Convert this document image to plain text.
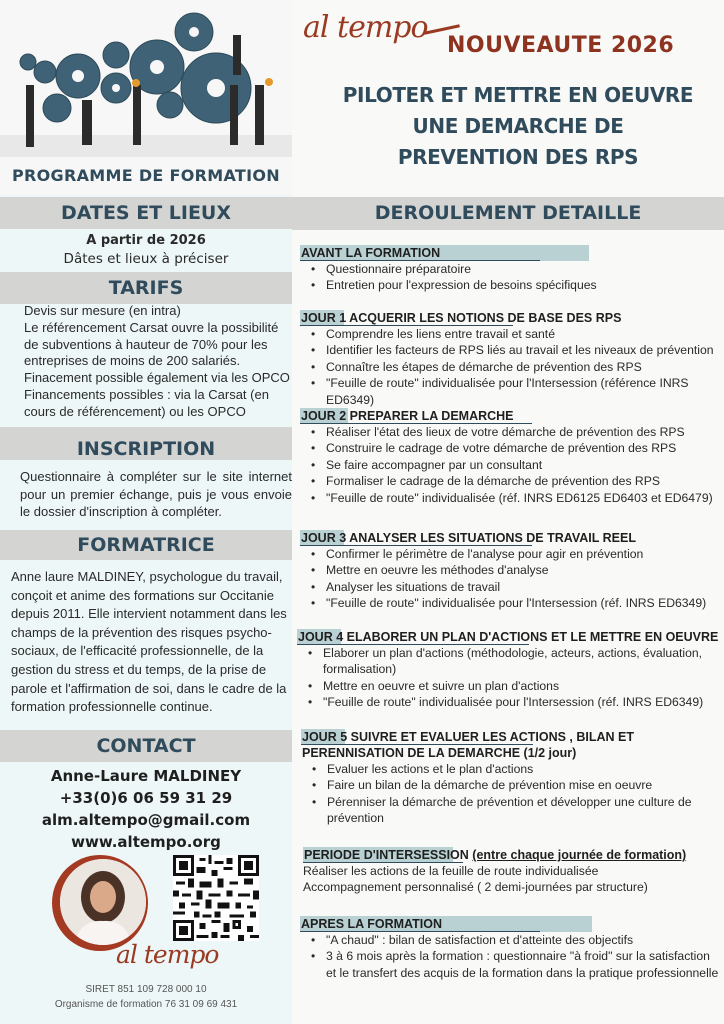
PROGRAMME DE FORMATION
al tempo
NOUVEAUTE 2026
PILOTER ET METTRE EN OEUVRE
UNE DEMARCHE DE
PREVENTION DES RPS
DATES ET LIEUX
A partir de 2026
Dâtes et lieux à préciser
TARIFS
Devis sur mesure (en intra)
Le référencement Carsat ouvre la possibilité
de subventions à hauteur de 70% pour les
entreprises de moins de 200 salariés.
Finacement possible également via les OPCO
Financements possibles : via la Carsat (en
cours de référencement) ou les OPCO
INSCRIPTION
Questionnaire à compléter sur le site internet pour un premier échange, puis je vous envoie le dossier d'inscription à compléter.
FORMATRICE
Anne laure MALDINEY, psychologue du travail, conçoit et anime des formations sur Occitanie depuis 2011. Elle intervient notamment dans les champs de la prévention des risques psycho-sociaux, de l'efficacité professionnelle, de la gestion du stress et du temps, de la prise de parole et l'affirmation de soi, dans le cadre de la formation professionnelle continue.
CONTACT
Anne-Laure MALDINEY
+33(0)6 06 59 31 29
alm.altempo@gmail.com
www.altempo.org
al tempo
SIRET 851 109 728 000 10
Organisme de formation 76 31 09 69 431
DEROULEMENT DETAILLE
AVANT LA FORMATION
• Questionnaire préparatoire
• Entretien pour l'expression de besoins spécifiques
JOUR 1 ACQUERIR LES NOTIONS DE BASE DES RPS
• Comprendre les liens entre travail et santé
• Identifier les facteurs de RPS liés au travail et les niveaux de prévention
• Connaître les étapes de démarche de prévention des RPS
• "Feuille de route" individualisée pour l'Intersession (référence INRS ED6349)
JOUR 2 PREPARER LA DEMARCHE
• Réaliser l'état des lieux de votre démarche de prévention des RPS
• Construire le cadrage de votre démarche de prévention des RPS
• Se faire accompagner par un consultant
• Formaliser le cadrage de la démarche de prévention des RPS
• "Feuille de route" individualisée (réf. INRS ED6125 ED6403 et ED6479)
JOUR 3 ANALYSER LES SITUATIONS DE TRAVAIL REEL
• Confirmer le périmètre de l'analyse pour agir en prévention
• Mettre en oeuvre les méthodes d'analyse
• Analyser les situations de travail
• "Feuille de route" individualisée pour l'Intersession (réf. INRS ED6349)
JOUR 4 ELABORER UN PLAN D'ACTIONS ET LE METTRE EN OEUVRE
• Elaborer un plan d'actions (méthodologie, acteurs, actions, évaluation, formalisation)
• Mettre en oeuvre et suivre un plan d'actions
• "Feuille de route" individualisée pour l'Intersession (réf. INRS ED6349)
JOUR 5 SUIVRE ET EVALUER LES ACTIONS , BILAN ET PERENNISATION DE LA DEMARCHE (1/2 jour)
• Evaluer les actions et le plan d'actions
• Faire un bilan de la démarche de prévention mise en oeuvre
• Pérenniser la démarche de prévention et développer une culture de prévention
PERIODE D'INTERSESSION (entre chaque journée de formation)
Réaliser les actions de la feuille de route individualisée
Accompagnement personnalisé ( 2 demi-journées par structure)
APRES LA FORMATION
• "A chaud" : bilan de satisfaction et d'atteinte des objectifs
• 3 à 6 mois après la formation : questionnaire "à froid" sur la satisfaction et le transfert des acquis de la formation dans la pratique professionnelle
